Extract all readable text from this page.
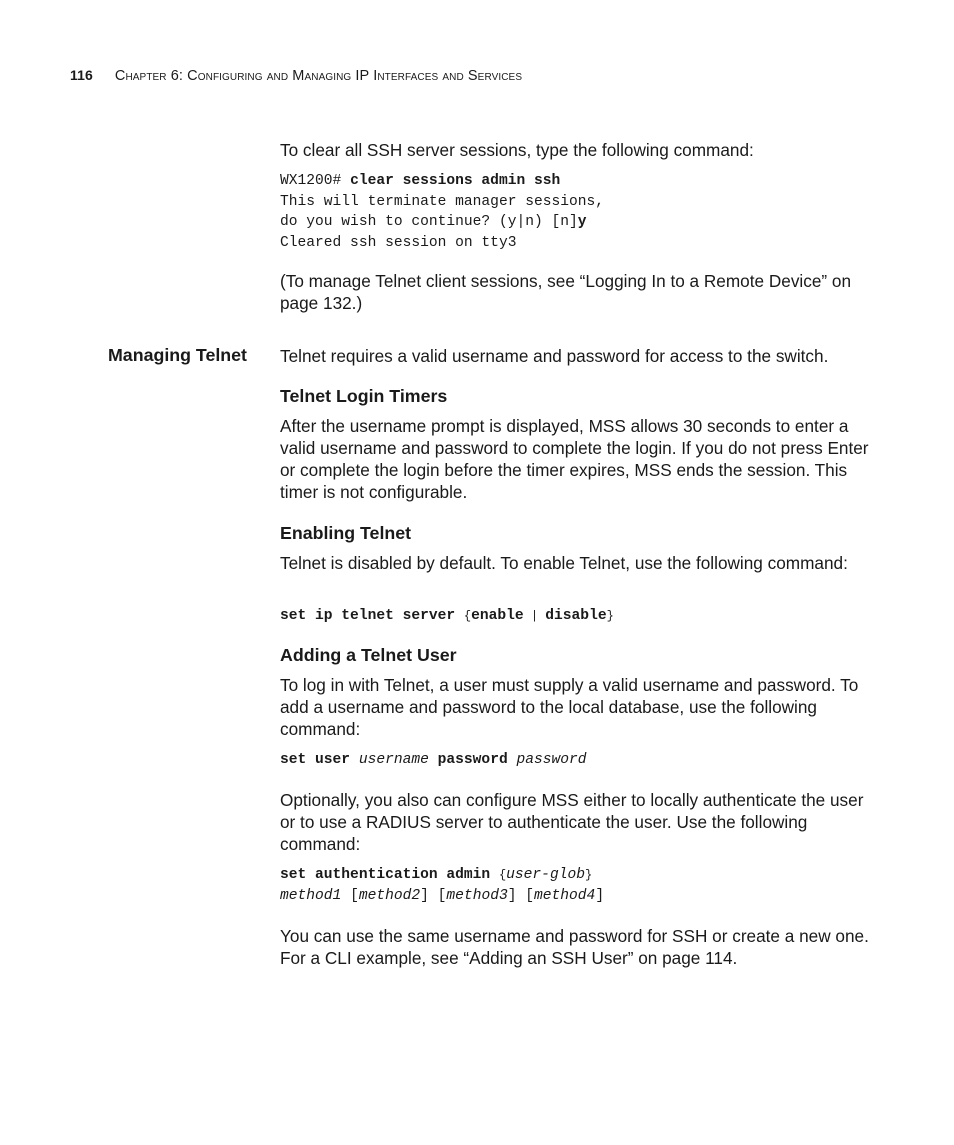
116 Chapter 6: Configuring and Managing IP Interfaces and Services

To clear all SSH server sessions, type the following command:

WX1200# clear sessions admin ssh
This will terminate manager sessions,
do you wish to continue? (y|n) [n]y
Cleared ssh session on tty3

(To manage Telnet client sessions, see “Logging In to a Remote Device” on page 132.)

Managing Telnet Telnet requires a valid username and password for access to the switch.

Telnet Login Timers

After the username prompt is displayed, MSS allows 30 seconds to enter a valid username and password to complete the login. If you do not press Enter or complete the login before the timer expires, MSS ends the session. This timer is not configurable.

Enabling Telnet

Telnet is disabled by default. To enable Telnet, use the following command:

set ip telnet server {enable | disable}
Adding a Telnet User

To log in with Telnet, a user must supply a valid username and password. To add a username and password to the local database, use the following command:

set user username password password

Optionally, you also can configure MSS either to locally authenticate the user or to use a RADIUS server to authenticate the user. Use the following command:

set authentication admin {user-glob}
method1 [method2] [method3] [method4]

You can use the same username and password for SSH or create a new one. For a CLI example, see “Adding an SSH User” on page 114.
